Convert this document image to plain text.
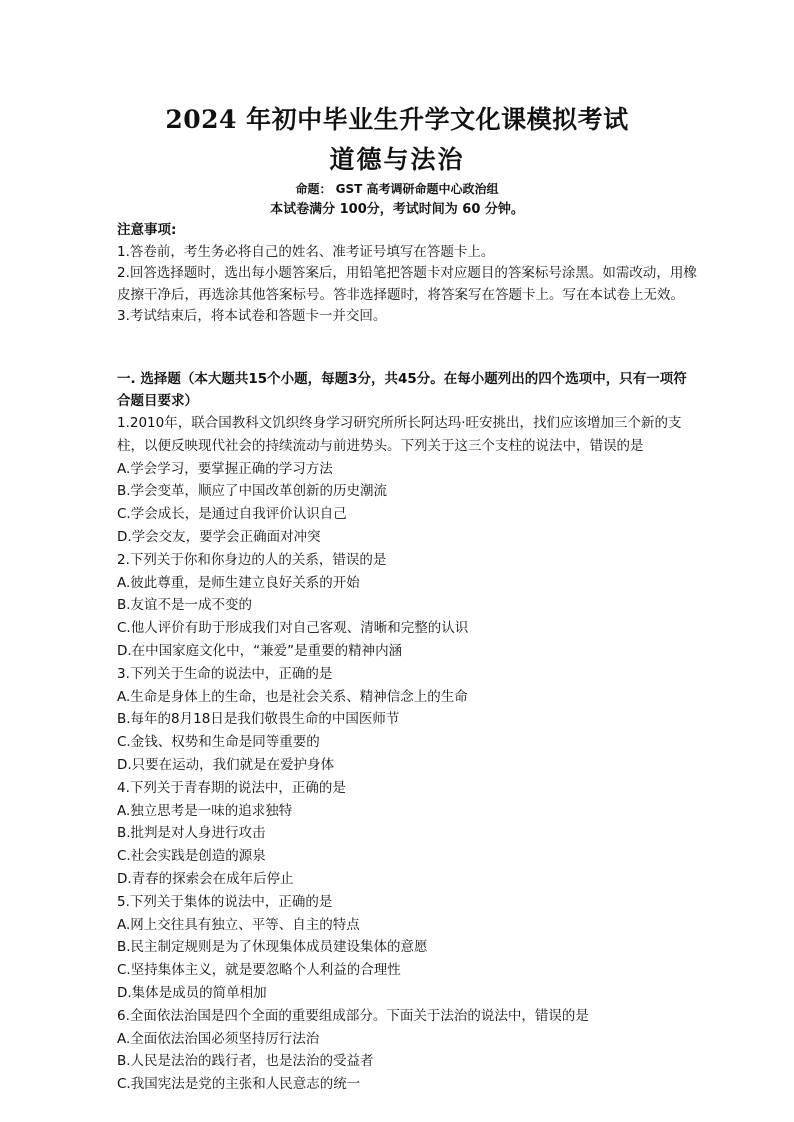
2024 年初中毕业生升学文化课模拟考试
道德与法治
命题： GST 高考调研命题中心政治组
本试卷满分 100分，考试时间为 60 分钟。

注意事项:

1.答卷前，考生务必将自己的姓名、准考证号填写在答题卡上。

2.回答选择题时，选出每小题答案后，用铅笔把答题卡对应题目的答案标号涂黑。如需改动，用橡皮擦干净后，再选涂其他答案标号。答非选择题时，将答案写在答题卡上。写在本试卷上无效。

3.考试结束后，将本试卷和答题卡一并交回。

一. 选择题（本大题共15个小题，每题3分，共45分。在每小题列出的四个选项中，只有一项符合题目要求）

1.2010年，联合国教科文饥织终身学习研究所所长阿达玛·旺安挑出，找们应该增加三个新的支柱，以便反映现代社会的持续流动与前进势头。下列关于这三个支柱的说法中，错误的是

A.学会学习，要掌握正确的学习方法

B.学会变革，顺应了中国改革创新的历史潮流

C.学会成长，是通过自我评价认识自己

D.学会交友，要学会正确面对冲突

2.下列关于你和你身边的人的关系，错误的是

A.彼此尊重，是师生建立良好关系的开始

B.友谊不是一成不变的

C.他人评价有助于形成我们对自己客观、清晰和完整的认识

D.在中国家庭文化中，“兼爱”是重要的精神内涵

3.下列关于生命的说法中，正确的是

A.生命是身体上的生命，也是社会关系、精神信念上的生命

B.每年的8月18日是我们敬畏生命的中国医师节

C.金钱、权势和生命是同等重要的

D.只要在运动，我们就是在爱护身体

4.下列关于青春期的说法中，正确的是

A.独立思考是一味的追求独特

B.批判是对人身进行攻击

C.社会实践是创造的源泉

D.青春的探索会在成年后停止

5.下列关于集体的说法中，正确的是

A.网上交往具有独立、平等、自主的特点

B.民主制定规则是为了休现集体成员建设集体的意愿

C.坚持集体主义，就是要忽略个人利益的合理性

D.集体是成员的简单相加

6.全面依法治国是四个全面的重要组成部分。下面关于法治的说法中，错误的是

A.全面依法治国必须坚持厉行法治

B.人民是法治的践行者，也是法治的受益者

C.我国宪法是党的主张和人民意志的统一
